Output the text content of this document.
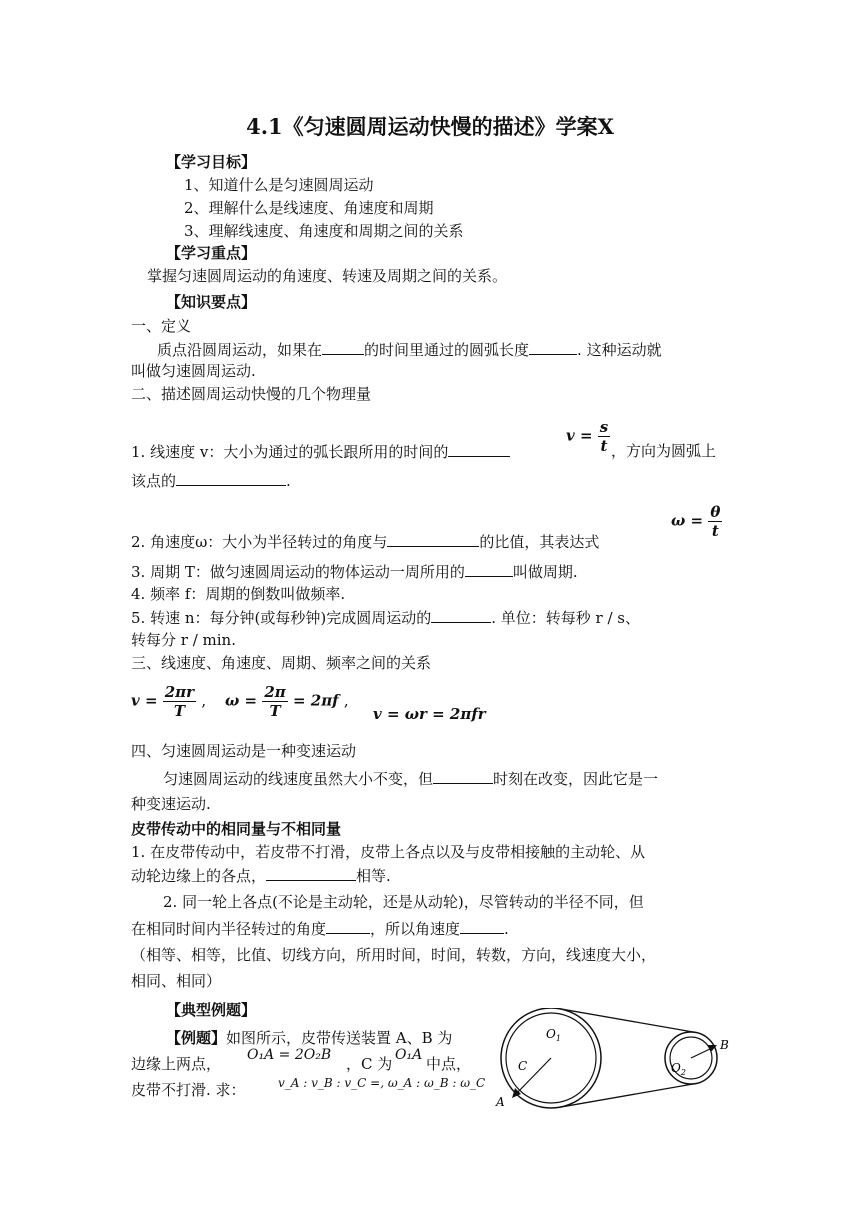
4.1《匀速圆周运动快慢的描述》学案X
【学习目标】
1、知道什么是匀速圆周运动
2、理解什么是线速度、角速度和周期
3、理解线速度、角速度和周期之间的关系
【学习重点】
掌握匀速圆周运动的角速度、转速及周期之间的关系。
【知识要点】
一、定义
质点沿圆周运动，如果在	的时间里通过的圆弧长度	. 这种运动就
叫做匀速圆周运动.
二、描述圆周运动快慢的几个物理量
1. 线速度 v：大小为通过的弧长跟所用的时间的
$v = \frac{s}{t}$ ，方向为圆弧上
该点的	.
2. 角速度ω：大小为半径转过的角度与	的比值，其表达式
$\omega = \frac{\theta}{t}$
3. 周期 T：做匀速圆周运动的物体运动一周所用的	叫做周期.
4. 频率 f：周期的倒数叫做频率.
5. 转速 n：每分钟(或每秒钟)完成圆周运动的	. 单位：转每秒 r / s、
转每分 r / min.
三、线速度、角速度、周期、频率之间的关系
$v = \frac{2\pi r}{T}$ , $\omega = \frac{2\pi}{T} = 2\pi f$ ,
v = ωr = 2πfr
四、匀速圆周运动是一种变速运动
匀速圆周运动的线速度虽然大小不变，但	时刻在改变，因此它是一
种变速运动.
皮带传动中的相同量与不相同量
1. 在皮带传动中，若皮带不打滑，皮带上各点以及与皮带相接触的主动轮、从
动轮边缘上的各点，	相等.
2. 同一轮上各点(不论是主动轮，还是从动轮)，尽管转动的半径不同，但
在相同时间内半径转过的角度	，所以角速度	.
（相等、相等，比值、切线方向，所用时间，时间，转数，方向，线速度大小，
相同、相同）
【典型例题】
【例题】如图所示，皮带传送装置 A、B 为
边缘上两点， O₁A = 2O₂B ，C 为 O₁A 中点，
皮带不打滑. 求：	v_A : v_B : v_C =, ω_A : ω_B : ω_C
$O_1$
$O_2$
C
A
B
